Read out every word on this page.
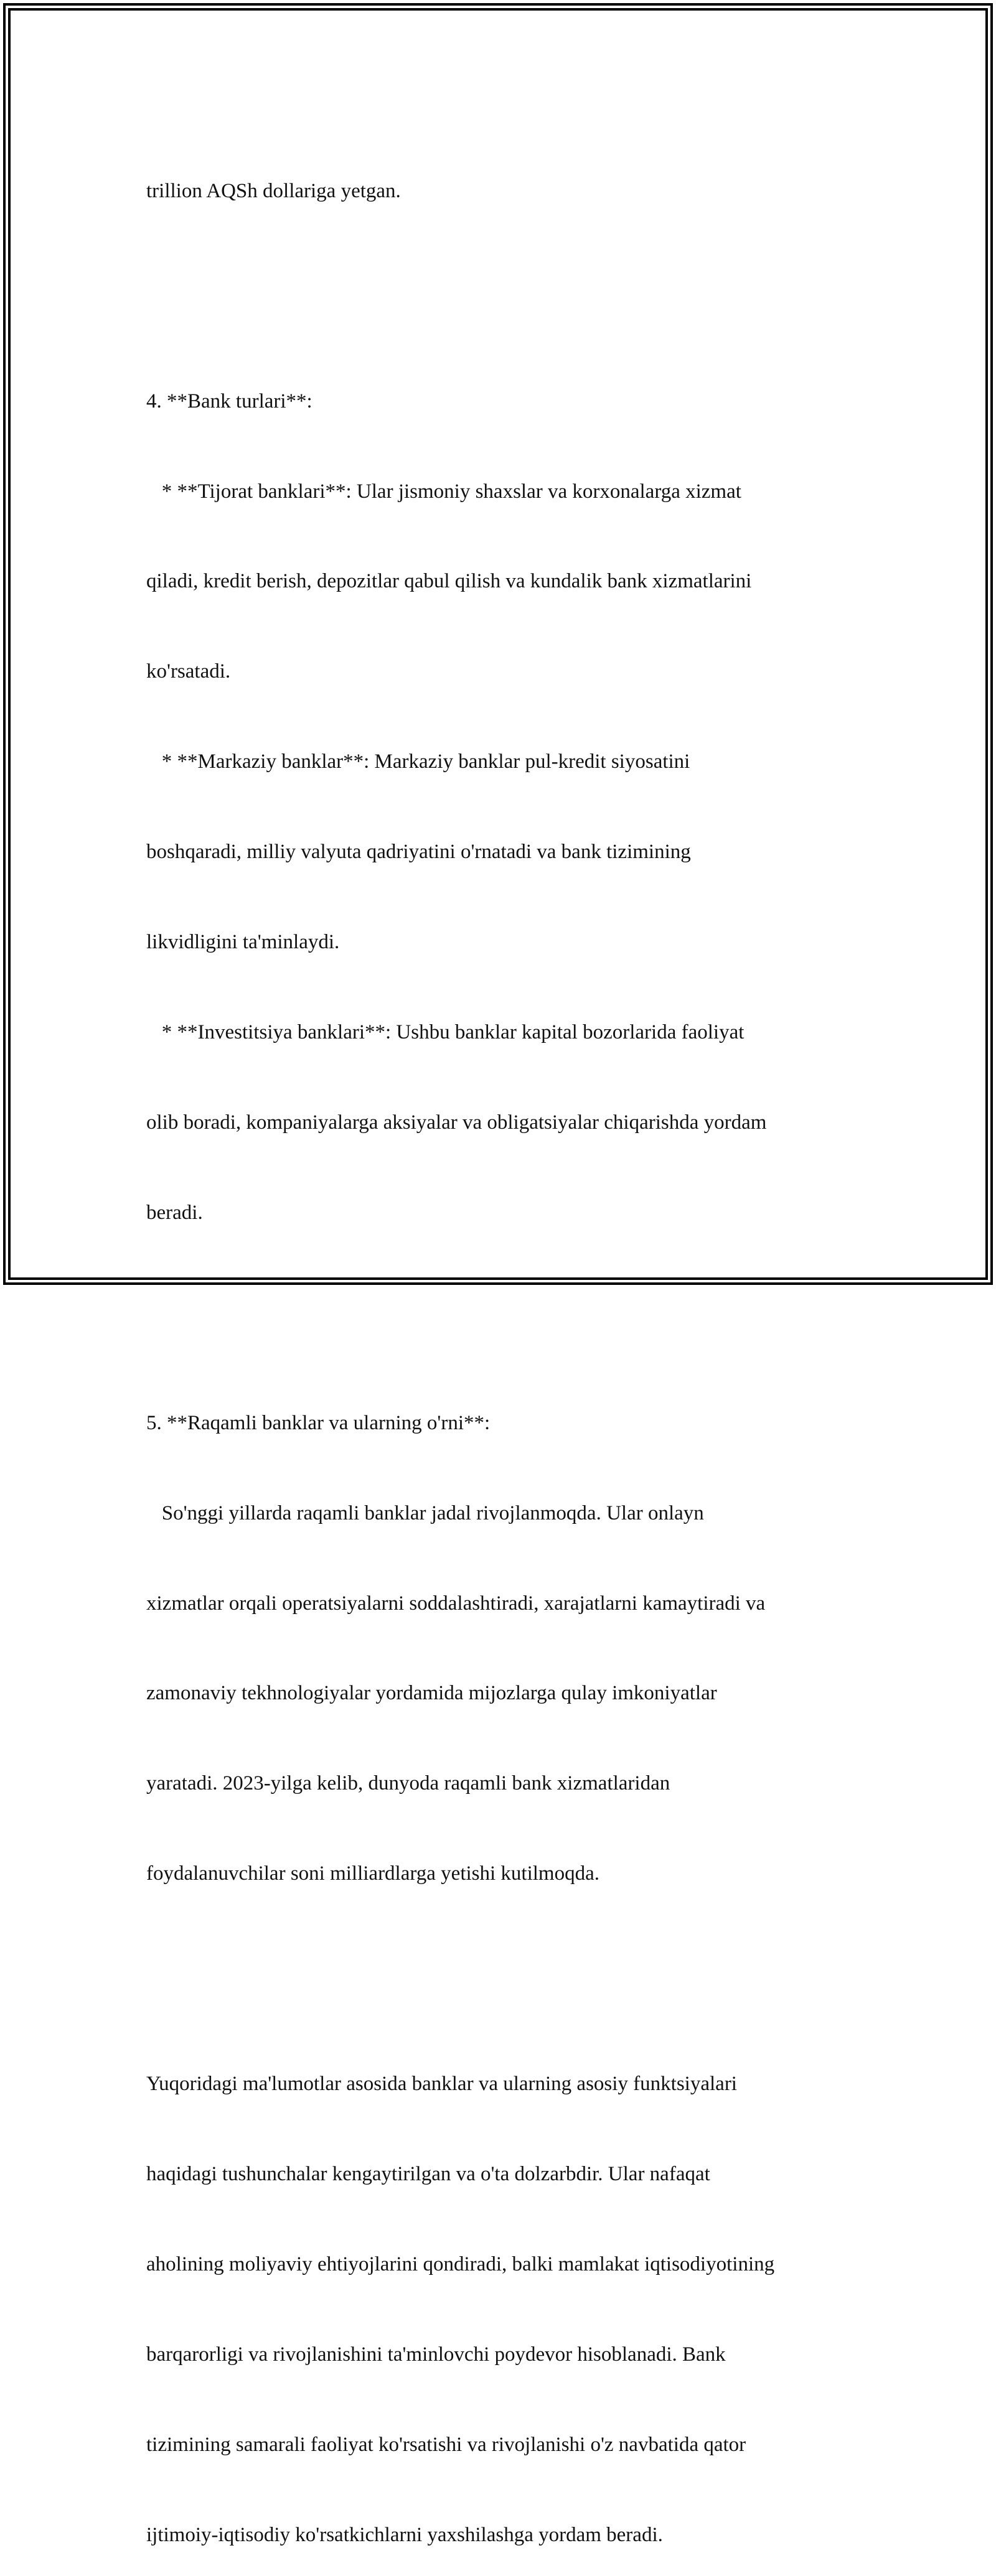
trillion AQSh dollariga yetgan.

4. **Bank turlari**:

* **Tijorat banklari**: Ular jismoniy shaxslar va korxonalarga xizmat

qiladi, kredit berish, depozitlar qabul qilish va kundalik bank xizmatlarini

ko'rsatadi.

* **Markaziy banklar**: Markaziy banklar pul-kredit siyosatini

boshqaradi, milliy valyuta qadriyatini o'rnatadi va bank tizimining

likvidligini ta'minlaydi.

* **Investitsiya banklari**: Ushbu banklar kapital bozorlarida faoliyat

olib boradi, kompaniyalarga aksiyalar va obligatsiyalar chiqarishda yordam

beradi.

5. **Raqamli banklar va ularning o'rni**:

So'nggi yillarda raqamli banklar jadal rivojlanmoqda. Ular onlayn

xizmatlar orqali operatsiyalarni soddalashtiradi, xarajatlarni kamaytiradi va

zamonaviy tekhnologiyalar yordamida mijozlarga qulay imkoniyatlar

yaratadi. 2023-yilga kelib, dunyoda raqamli bank xizmatlaridan

foydalanuvchilar soni milliardlarga yetishi kutilmoqda.

Yuqoridagi ma'lumotlar asosida banklar va ularning asosiy funktsiyalari

haqidagi tushunchalar kengaytirilgan va o'ta dolzarbdir. Ular nafaqat

aholining moliyaviy ehtiyojlarini qondiradi, balki mamlakat iqtisodiyotining

barqarorligi va rivojlanishini ta'minlovchi poydevor hisoblanadi. Bank

tizimining samarali faoliyat ko'rsatishi va rivojlanishi o'z navbatida qator

ijtimoiy-iqtisodiy ko'rsatkichlarni yaxshilashga yordam beradi.
